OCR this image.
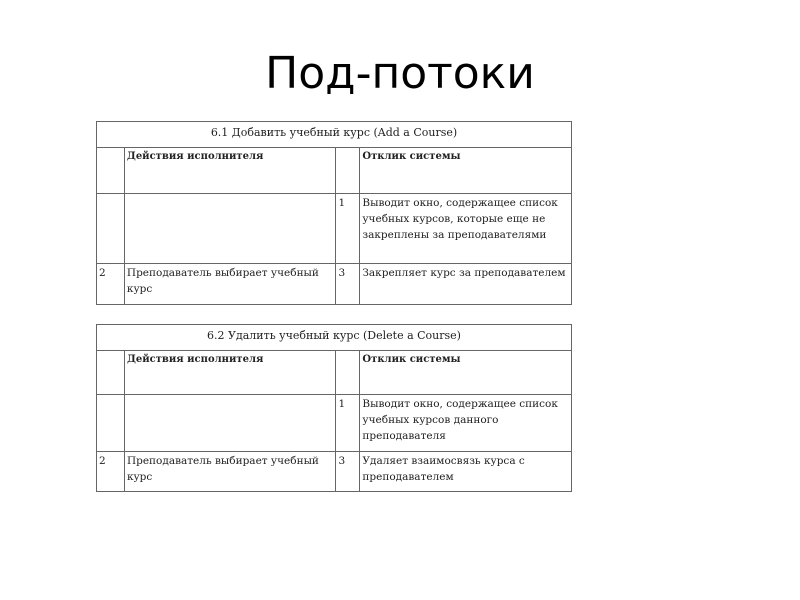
Под-потоки
6.1 Добавить учебный курс (Add a Course)			
	Действия исполнителя		Отклик системы
		1	Выводит окно, содержащее список учебных курсов, которые еще не закреплены за преподавателями
2	Преподаватель выбирает учебный курс	3	Закрепляет курс за преподавателем
6.2 Удалить учебный курс (Delete a Course)			
	Действия исполнителя		Отклик системы
		1	Выводит окно, содержащее список учебных курсов данного преподавателя
2	Преподаватель выбирает учебный курс	3	Удаляет взаимосвязь курса с преподавателем
